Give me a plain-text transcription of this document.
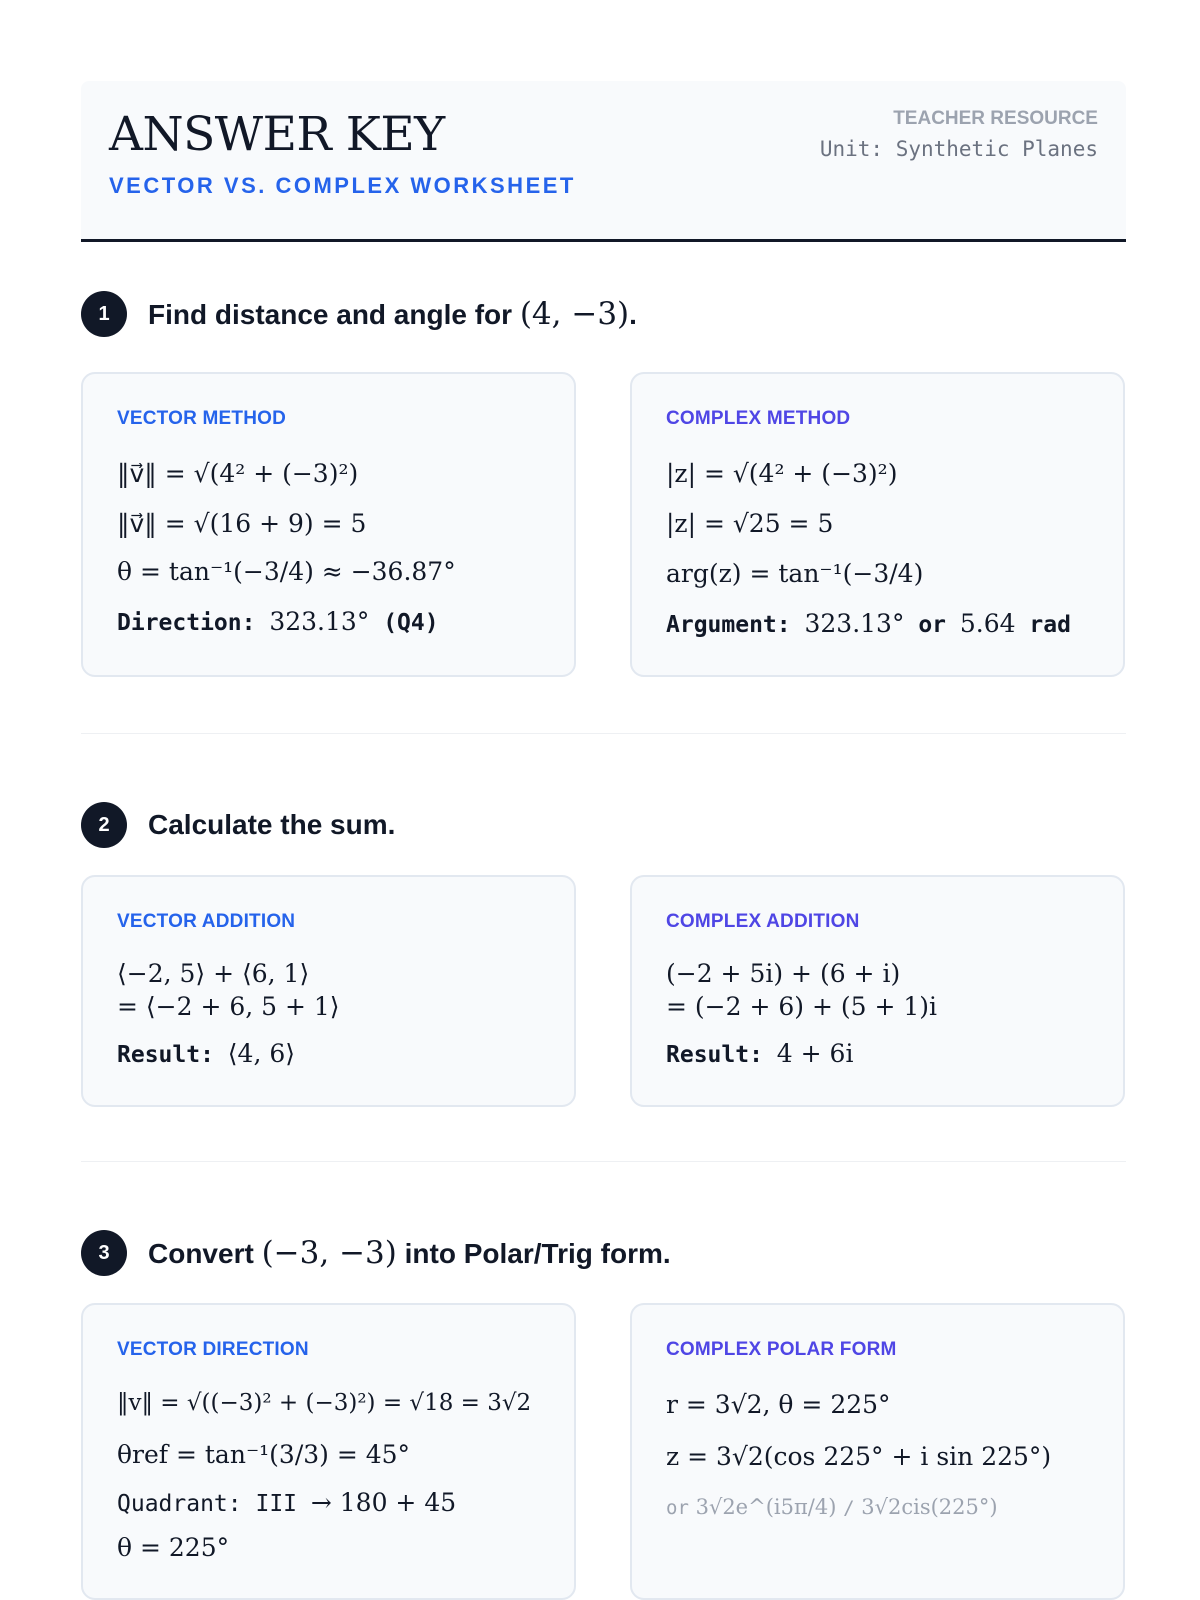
ANSWER KEY
VECTOR VS. COMPLEX WORKSHEET
TEACHER RESOURCE
Unit: Synthetic Planes
1	Find distance and angle for (4, −3).
VECTOR METHOD
‖v⃗‖ = √(4² + (−3)²)
‖v⃗‖ = √(16 + 9) = 5
θ = tan⁻¹(−3/4) ≈ −36.87°
Direction: 323.13° (Q4)
COMPLEX METHOD
|z| = √(4² + (−3)²)
|z| = √25 = 5
arg(z) = tan⁻¹(−3/4)
Argument: 323.13° or 5.64 rad
2	Calculate the sum.
VECTOR ADDITION
⟨−2, 5⟩ + ⟨6, 1⟩
= ⟨−2 + 6, 5 + 1⟩
Result: ⟨4, 6⟩
COMPLEX ADDITION
(−2 + 5i) + (6 + i)
= (−2 + 6) + (5 + 1)i
Result: 4 + 6i
3	Convert (−3, −3) into Polar/Trig form.
VECTOR DIRECTION
‖v‖ = √((−3)² + (−3)²) = √18 = 3√2
θref = tan⁻¹(3/3) = 45°
Quadrant: III → 180 + 45
θ = 225°
COMPLEX POLAR FORM
r = 3√2, θ = 225°
z = 3√2(cos 225° + i sin 225°)
or 3√2e^(i5π/4) / 3√2cis(225°)
